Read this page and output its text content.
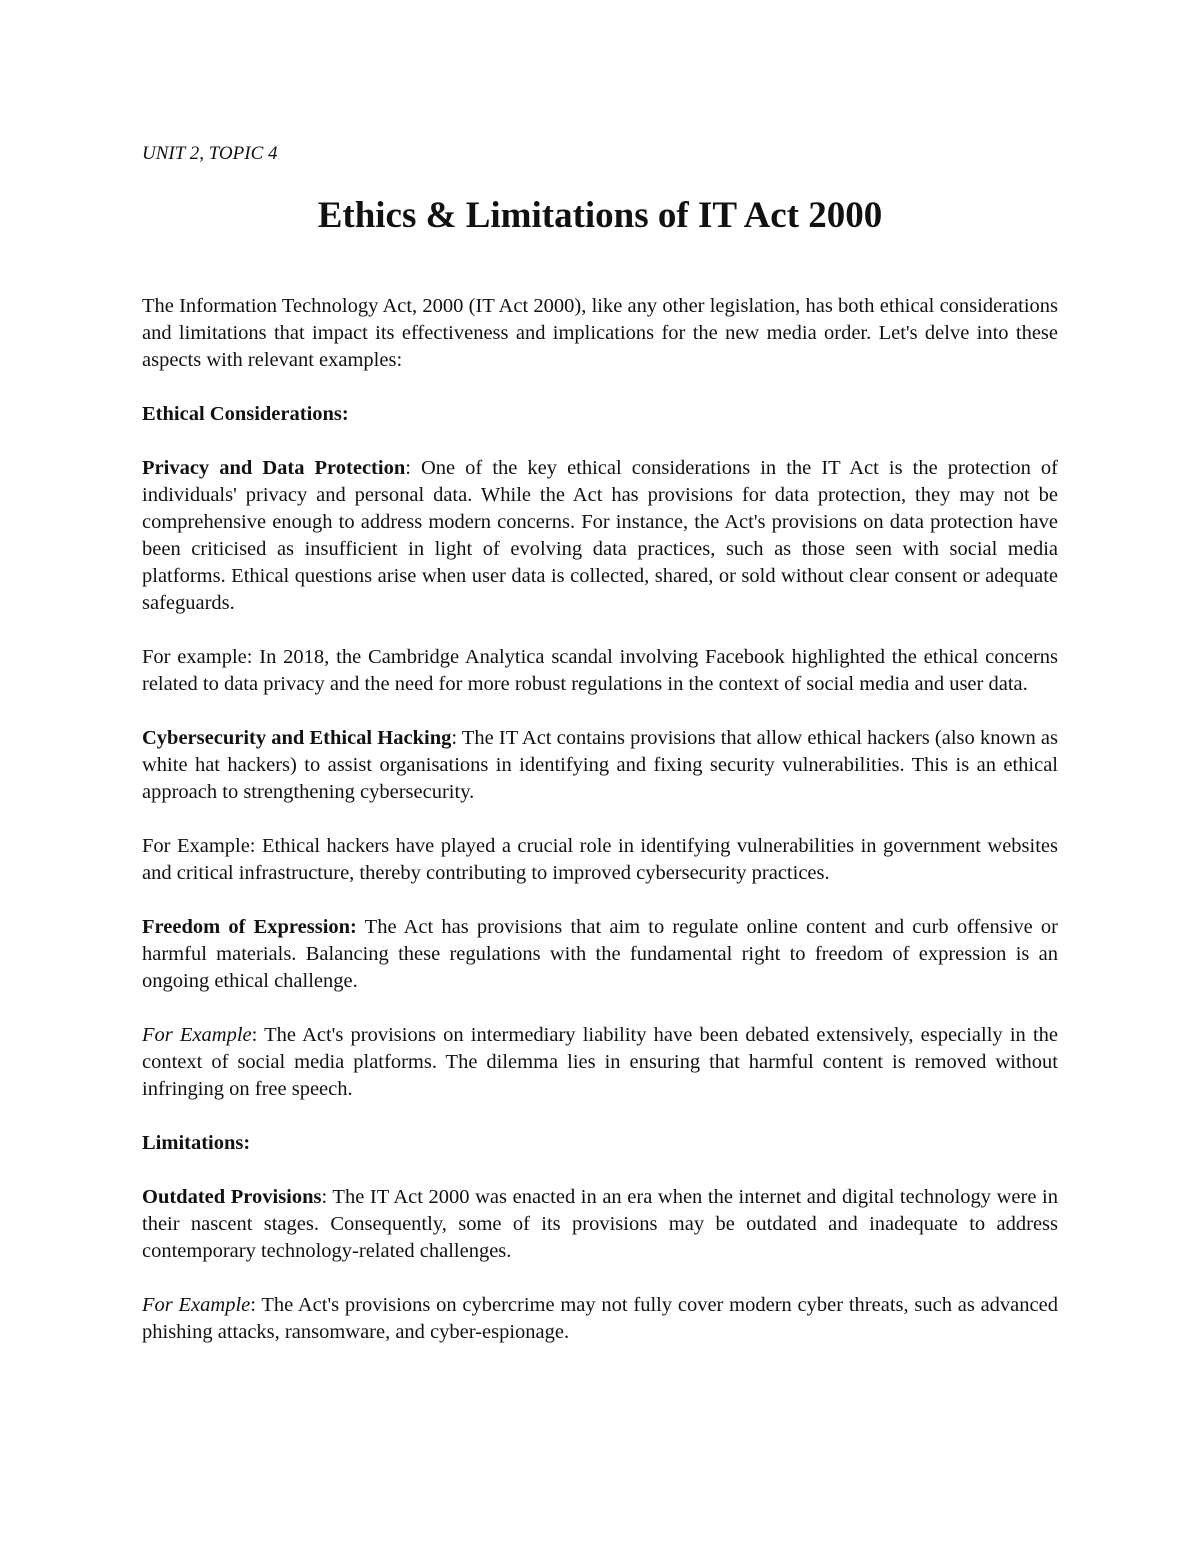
UNIT 2, TOPIC 4

Ethics & Limitations of IT Act 2000

The Information Technology Act, 2000 (IT Act 2000), like any other legislation, has both ethical considerations and limitations that impact its effectiveness and implications for the new media order. Let's delve into these aspects with relevant examples:

Ethical Considerations:

Privacy and Data Protection: One of the key ethical considerations in the IT Act is the protection of individuals' privacy and personal data. While the Act has provisions for data protection, they may not be comprehensive enough to address modern concerns. For instance, the Act's provisions on data protection have been criticised as insufficient in light of evolving data practices, such as those seen with social media platforms. Ethical questions arise when user data is collected, shared, or sold without clear consent or adequate safeguards.

For example: In 2018, the Cambridge Analytica scandal involving Facebook highlighted the ethical concerns related to data privacy and the need for more robust regulations in the context of social media and user data.

Cybersecurity and Ethical Hacking: The IT Act contains provisions that allow ethical hackers (also known as white hat hackers) to assist organisations in identifying and fixing security vulnerabilities. This is an ethical approach to strengthening cybersecurity.

For Example: Ethical hackers have played a crucial role in identifying vulnerabilities in government websites and critical infrastructure, thereby contributing to improved cybersecurity practices.

Freedom of Expression: The Act has provisions that aim to regulate online content and curb offensive or harmful materials. Balancing these regulations with the fundamental right to freedom of expression is an ongoing ethical challenge.

For Example: The Act's provisions on intermediary liability have been debated extensively, especially in the context of social media platforms. The dilemma lies in ensuring that harmful content is removed without infringing on free speech.

Limitations:

Outdated Provisions: The IT Act 2000 was enacted in an era when the internet and digital technology were in their nascent stages. Consequently, some of its provisions may be outdated and inadequate to address contemporary technology-related challenges.

For Example: The Act's provisions on cybercrime may not fully cover modern cyber threats, such as advanced phishing attacks, ransomware, and cyber-espionage.
